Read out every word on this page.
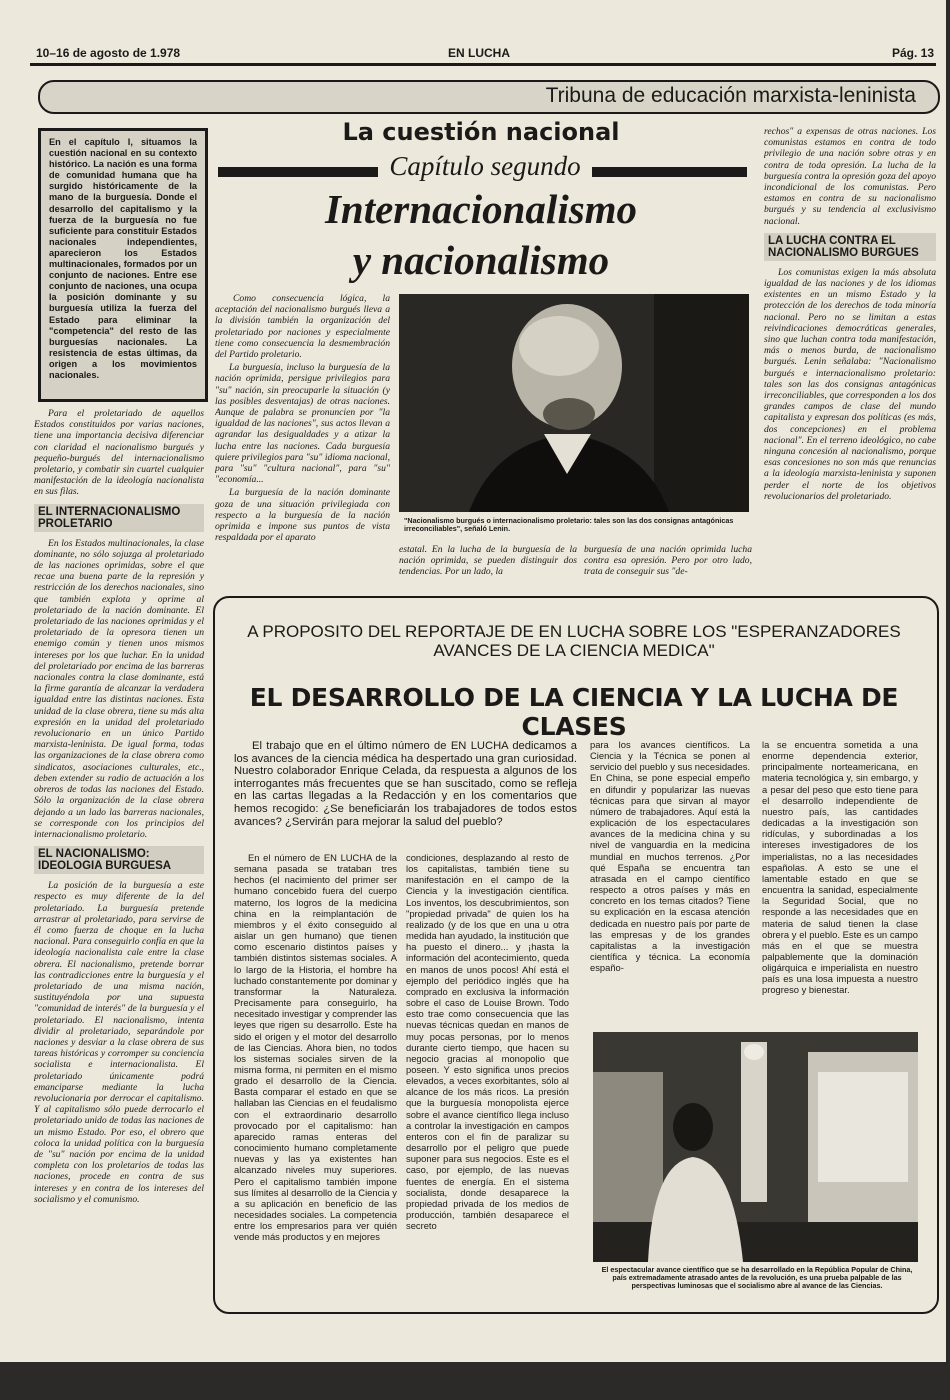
10–16 de agosto de 1.978	EN LUCHA	Pág. 13
Tribuna de educación marxista-leninista
La cuestión nacional
Capítulo segundo
Internacionalismo
y nacionalismo
En el capítulo I, situamos la cuestión nacional en su contexto histórico. La nación es una forma de comunidad humana que ha surgido históricamente de la mano de la burguesía. Donde el desarrollo del capitalismo y la fuerza de la burguesía no fue suficiente para constituir Estados nacionales independientes, aparecieron los Estados multinacionales, formados por un conjunto de naciones. Entre ese conjunto de naciones, una ocupa la posición dominante y su burguesía utiliza la fuerza del Estado para eliminar la "competencia" del resto de las burguesías nacionales. La resistencia de estas últimas, da origen a los movimientos nacionales.

Para el proletariado de aquellos Estados constituidos por varias naciones, tiene una importancia decisiva diferenciar con claridad el nacionalismo burgués y pequeño-burgués del internacionalismo proletario, y combatir sin cuartel cualquier manifestación de la ideología nacionalista en sus filas.

EL INTERNACIONALISMO PROLETARIO

En los Estados multinacionales, la clase dominante, no sólo sojuzga al proletariado de las naciones oprimidas, sobre el que recae una buena parte de la represión y restricción de los derechos nacionales, sino que también explota y oprime al proletariado de la nación dominante. El proletariado de las naciones oprimidas y el proletariado de la opresora tienen un enemigo común y tienen unos mismos intereses por los que luchar. En la unidad del proletariado por encima de las barreras nacionales contra la clase dominante, está la firme garantía de alcanzar la verdadera igualdad entre las distintas naciones. Esta unidad de la clase obrera, tiene su más alta expresión en la unidad del proletariado revolucionario en un único Partido marxista-leninista. De igual forma, todas las organizaciones de la clase obrera como sindicatos, asociaciones culturales, etc., deben extender su radio de actuación a los obreros de todas las naciones del Estado. Sólo la organización de la clase obrera dejando a un lado las barreras nacionales, se corresponde con los principios del internacionalismo proletario.

EL NACIONALISMO: IDEOLOGIA BURGUESA

La posición de la burguesía a este respecto es muy diferente de la del proletariado. La burguesía pretende arrastrar al proletariado, para servirse de él como fuerza de choque en la lucha nacional. Para conseguirlo confía en que la ideología nacionalista cale entre la clase obrera. El nacionalismo, pretende borrar las contradicciones entre la burguesía y el proletariado de una misma nación, sustituyéndola por una supuesta "comunidad de interés" de la burguesía y el proletariado. El nacionalismo, intenta dividir al proletariado, separándole por naciones y desviar a la clase obrera de sus tareas históricas y corromper su conciencia socialista e internacionalista. El proletariado únicamente podrá emanciparse mediante la lucha revolucionaria por derrocar el capitalismo. Y al capitalismo sólo puede derrocarlo el proletariado unido de todas las naciones de un mismo Estado. Por eso, el obrero que coloca la unidad política con la burguesía de "su" nación por encima de la unidad completa con los proletarios de todas las naciones, procede en contra de sus intereses y en contra de los intereses del socialismo y el comunismo.

Como consecuencia lógica, la aceptación del nacionalismo burgués lleva a la división también la organización del proletariado por naciones y especialmente tiene como consecuencia la desmembración del Partido proletario.

La burguesía, incluso la burguesía de la nación oprimida, persigue privilegios para "su" nación, sin preocuparle la situación (y las posibles desventajas) de otras naciones. Aunque de palabra se pronuncien por "la igualdad de las naciones", sus actos llevan a agrandar las desigualdades y a atizar la lucha entre las naciones. Cada burguesía quiere privilegios para "su" idioma nacional, para "su" "cultura nacional", para "su" "economía...

La burguesía de la nación dominante goza de una situación privilegiada con respecto a la burguesía de la nación oprimida e impone sus puntos de vista respaldada por el aparato

"Nacionalismo burgués o internacionalismo proletario: tales son las dos consignas antagónicas irreconciliables", señaló Lenin.

estatal. En la lucha de la burguesía de la nación oprimida, se pueden distinguir dos tendencias. Por un lado, la

burguesía de una nación oprimida lucha contra esa opresión. Pero por otro lado, trata de conseguir sus "de-

rechos" a expensas de otras naciones. Los comunistas estamos en contra de todo privilegio de una nación sobre otras y en contra de toda opresión. La lucha de la burguesía contra la opresión goza del apoyo incondicional de los comunistas. Pero estamos en contra de su nacionalismo burgués y su tendencia al exclusivismo nacional.

LA LUCHA CONTRA EL NACIONALISMO BURGUES

Los comunistas exigen la más absoluta igualdad de las naciones y de los idiomas existentes en un mismo Estado y la protección de los derechos de toda minoría nacional. Pero no se limitan a estas reivindicaciones democráticas generales, sino que luchan contra toda manifestación, más o menos burda, de nacionalismo burgués. Lenin señalaba: "Nacionalismo burgués e internacionalismo proletario: tales son las dos consignas antagónicas irreconciliables, que corresponden a los dos grandes campos de clase del mundo capitalista y expresan dos políticas (es más, dos concepciones) en el problema nacional". En el terreno ideológico, no cabe ninguna concesión al nacionalismo, porque esas concesiones no son más que renuncias a la ideología marxista-leninista y suponen perder el norte de los objetivos revolucionarios del proletariado.

A PROPOSITO DEL REPORTAJE DE EN LUCHA SOBRE LOS "ESPERANZADORES AVANCES DE LA CIENCIA MEDICA"
EL DESARROLLO DE LA CIENCIA Y LA LUCHA DE CLASES
El trabajo que en el último número de EN LUCHA dedicamos a los avances de la ciencia médica ha despertado una gran curiosidad. Nuestro colaborador Enrique Celada, da respuesta a algunos de los interrogantes más frecuentes que se han suscitado, como se refleja en las cartas llegadas a la Redacción y en los comentarios que hemos recogido: ¿Se beneficiarán los trabajadores de todos estos avances? ¿Servirán para mejorar la salud del pueblo?

En el número de EN LUCHA de la semana pasada se trataban tres hechos (el nacimiento del primer ser humano concebido fuera del cuerpo materno, los logros de la medicina china en la reimplantación de miembros y el éxito conseguido al aislar un gen humano) que tienen como escenario distintos países y también distintos sistemas sociales. A lo largo de la Historia, el hombre ha luchado constantemente por dominar y transformar la Naturaleza. Precisamente para conseguirlo, ha necesitado investigar y comprender las leyes que rigen su desarrollo. Este ha sido el origen y el motor del desarrollo de las Ciencias. Ahora bien, no todos los sistemas sociales sirven de la misma forma, ni permiten en el mismo grado el desarrollo de la Ciencia. Basta comparar el estado en que se hallaban las Ciencias en el feudalismo con el extraordinario desarrollo provocado por el capitalismo: han aparecido ramas enteras del conocimiento humano completamente nuevas y las ya existentes han alcanzado niveles muy superiores. Pero el capitalismo también impone sus límites al desarrollo de la Ciencia y a su aplicación en beneficio de las necesidades sociales. La competencia entre los empresarios para ver quién vende más productos y en mejores

condiciones, desplazando al resto de los capitalistas, también tiene su manifestación en el campo de la Ciencia y la investigación científica. Los inventos, los descubrimientos, son "propiedad privada" de quien los ha realizado (y de los que en una u otra medida han ayudado, la institución que ha puesto el dinero... y ¡hasta la información del acontecimiento, queda en manos de unos pocos! Ahí está el ejemplo del periódico inglés que ha comprado en exclusiva la información sobre el caso de Louise Brown. Todo esto trae como consecuencia que las nuevas técnicas quedan en manos de muy pocas personas, por lo menos durante cierto tiempo, que hacen su negocio gracias al monopolio que poseen. Y esto significa unos precios elevados, a veces exorbitantes, sólo al alcance de los más ricos. La presión que la burguesía monopolista ejerce sobre el avance científico llega incluso a controlar la investigación en campos enteros con el fin de paralizar su desarrollo por el peligro que puede suponer para sus negocios. Este es el caso, por ejemplo, de las nuevas fuentes de energía. En el sistema socialista, donde desaparece la propiedad privada de los medios de producción, también desaparece el secreto

para los avances científicos. La Ciencia y la Técnica se ponen al servicio del pueblo y sus necesidades. En China, se pone especial empeño en difundir y popularizar las nuevas técnicas para que sirvan al mayor número de trabajadores. Aquí está la explicación de los espectaculares avances de la medicina china y su nivel de vanguardia en la medicina mundial en muchos terrenos. ¿Por qué España se encuentra tan atrasada en el campo científico respecto a otros países y más en concreto en los temas citados? Tiene su explicación en la escasa atención dedicada en nuestro país por parte de las empresas y de los grandes capitalistas a la investigación científica y técnica. La economía españo-

la se encuentra sometida a una enorme dependencia exterior, principalmente norteamericana, en materia tecnológica y, sin embargo, y a pesar del peso que esto tiene para el desarrollo independiente de nuestro país, las cantidades dedicadas a la investigación son ridículas, y subordinadas a los intereses investigadores de los imperialistas, no a las necesidades españolas. A esto se une el lamentable estado en que se encuentra la sanidad, especialmente la Seguridad Social, que no responde a las necesidades que en materia de salud tienen la clase obrera y el pueblo. Este es un campo más en el que se muestra palpablemente que la dominación oligárquica e imperialista en nuestro país es una losa impuesta a nuestro progreso y bienestar.

El espectacular avance científico que se ha desarrollado en la República Popular de China, país extremadamente atrasado antes de la revolución, es una prueba palpable de las perspectivas luminosas que el socialismo abre al avance de las Ciencias.
